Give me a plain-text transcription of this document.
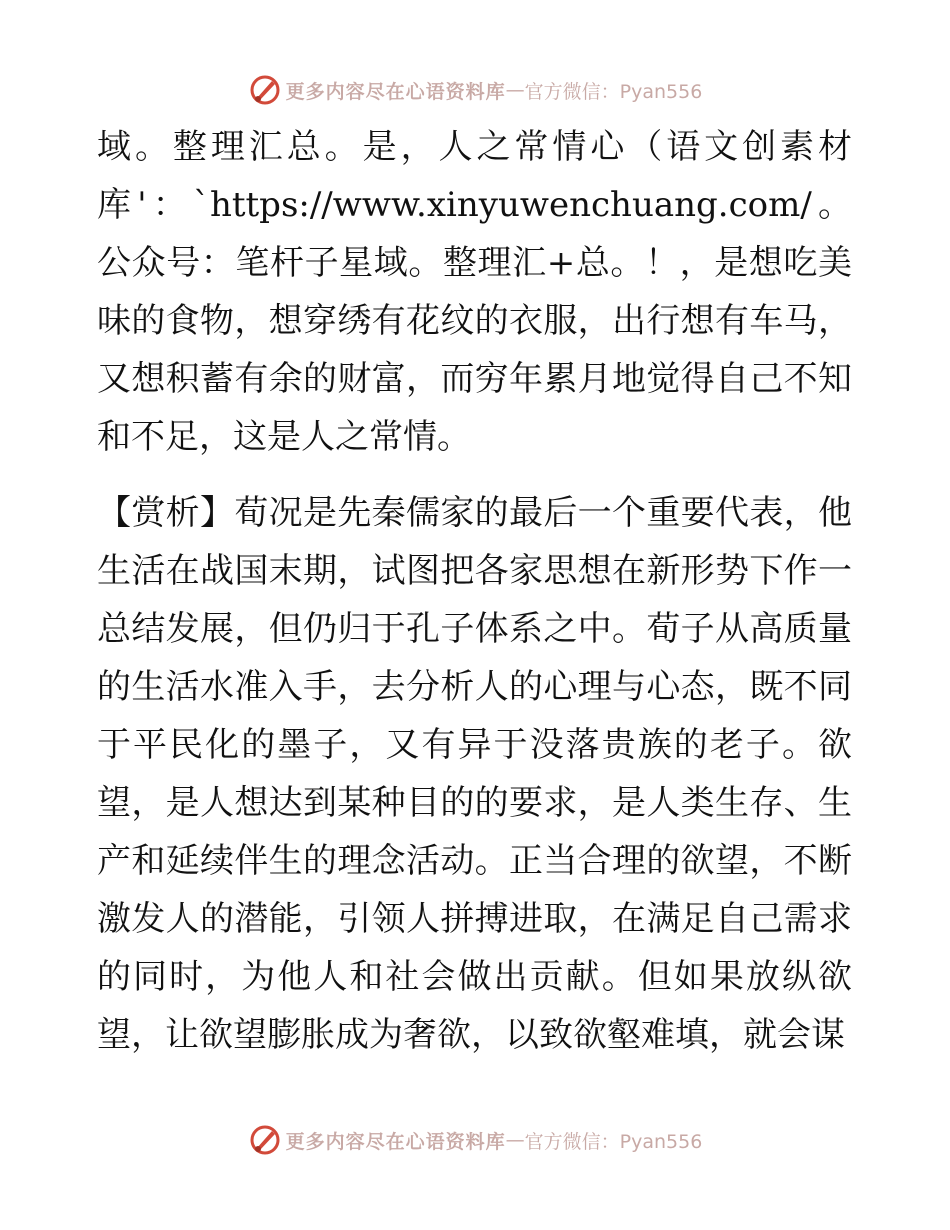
更多内容尽在心语资料库 — 官方微信：Pyan556

域。整理汇总。是，人之常情心（语文创素材库'：`https://www.xinyuwenchuang.com/。公众号：笔杆子星域。整理汇+总。！，是想吃美味的食物，想穿绣有花纹的衣服，出行想有车马，又想积蓄有余的财富，而穷年累月地觉得自己不知和不足，这是人之常情。

【赏析】荀况是先秦儒家的最后一个重要代表，他生活在战国末期，试图把各家思想在新形势下作一总结发展，但仍归于孔子体系之中。荀子从高质量的生活水准入手，去分析人的心理与心态，既不同于平民化的墨子，又有异于没落贵族的老子。欲望，是人想达到某种目的的要求，是人类生存、生产和延续伴生的理念活动。正当合理的欲望，不断激发人的潜能，引领人拼搏进取，在满足自己需求的同时，为他人和社会做出贡献。但如果放纵欲望，让欲望膨胀成为奢欲，以致欲壑难填，就会谋

更多内容尽在心语资料库 — 官方微信：Pyan556
